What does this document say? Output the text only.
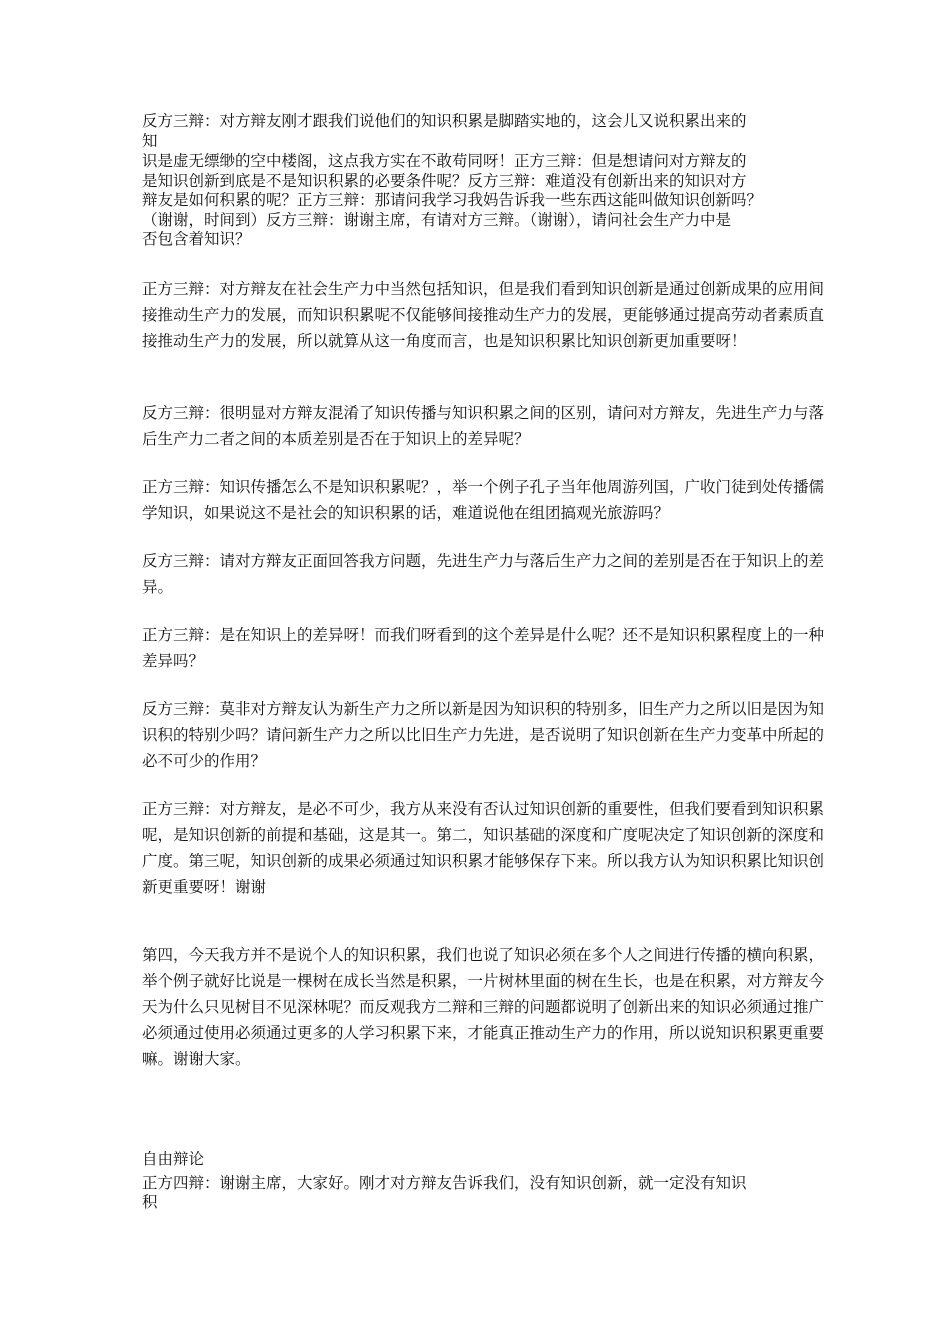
反方三辩：对方辩友刚才跟我们说他们的知识积累是脚踏实地的，这会儿又说积累出来的

知

识是虚无缥缈的空中楼阁，这点我方实在不敢苟同呀！正方三辩：但是想请问对方辩友的

是知识创新到底是不是知识积累的必要条件呢？反方三辩：难道没有创新出来的知识对方

辩友是如何积累的呢？正方三辩：那请问我学习我妈告诉我一些东西这能叫做知识创新吗？

（谢谢，时间到）反方三辩：谢谢主席，有请对方三辩。（谢谢），请问社会生产力中是

否包含着知识？

正方三辩：对方辩友在社会生产力中当然包括知识，但是我们看到知识创新是通过创新成果的应用间接推动生产力的发展，而知识积累呢不仅能够间接推动生产力的发展，更能够通过提高劳动者素质直接推动生产力的发展，所以就算从这一角度而言，也是知识积累比知识创新更加重要呀！

反方三辩：很明显对方辩友混淆了知识传播与知识积累之间的区别，请问对方辩友，先进生产力与落后生产力二者之间的本质差别是否在于知识上的差异呢？

正方三辩：知识传播怎么不是知识积累呢？，举一个例子孔子当年他周游列国，广收门徒到处传播儒学知识，如果说这不是社会的知识积累的话，难道说他在组团搞观光旅游吗？

反方三辩：请对方辩友正面回答我方问题，先进生产力与落后生产力之间的差别是否在于知识上的差异。

正方三辩：是在知识上的差异呀！而我们呀看到的这个差异是什么呢？还不是知识积累程度上的一种差异吗？

反方三辩：莫非对方辩友认为新生产力之所以新是因为知识积的特别多，旧生产力之所以旧是因为知识积的特别少吗？请问新生产力之所以比旧生产力先进，是否说明了知识创新在生产力变革中所起的必不可少的作用？

正方三辩：对方辩友，是必不可少，我方从来没有否认过知识创新的重要性，但我们要看到知识积累呢，是知识创新的前提和基础，这是其一。第二，知识基础的深度和广度呢决定了知识创新的深度和广度。第三呢，知识创新的成果必须通过知识积累才能够保存下来。所以我方认为知识积累比知识创新更重要呀！谢谢

第四，今天我方并不是说个人的知识积累，我们也说了知识必须在多个人之间进行传播的横向积累，举个例子就好比说是一棵树在成长当然是积累，一片树林里面的树在生长，也是在积累，对方辩友今天为什么只见树目不见深林呢？而反观我方二辩和三辩的问题都说明了创新出来的知识必须通过推广必须通过使用必须通过更多的人学习积累下来，才能真正推动生产力的作用，所以说知识积累更重要嘛。谢谢大家。

自由辩论

正方四辩：谢谢主席，大家好。刚才对方辩友告诉我们，没有知识创新，就一定没有知识

积
